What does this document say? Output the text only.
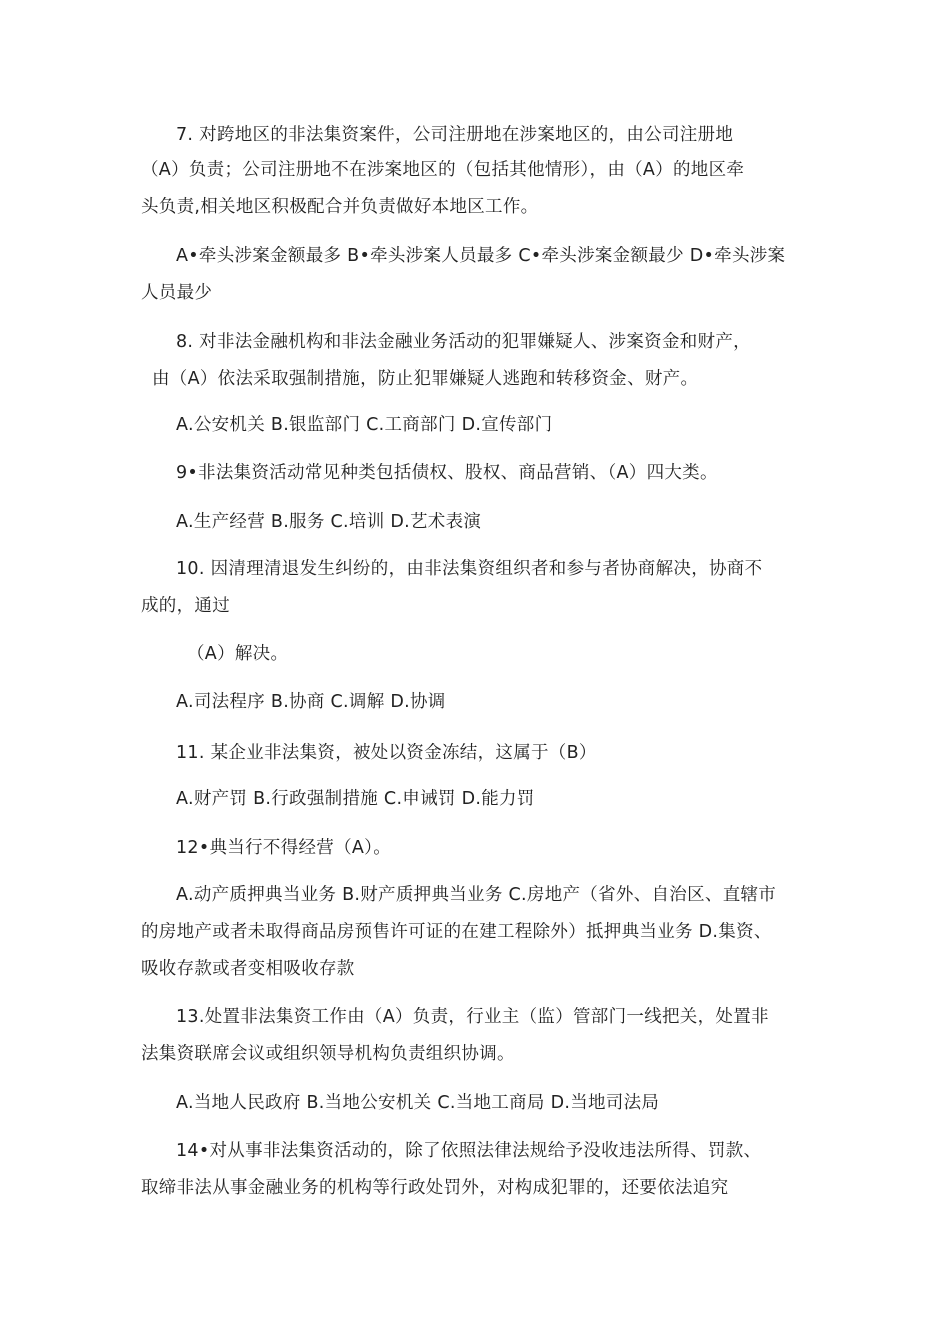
7. 对跨地区的非法集资案件，公司注册地在涉案地区的，由公司注册地
（A）负责；公司注册地不在涉案地区的（包括其他情形），由（A）的地区牵
头负责,相关地区积极配合并负责做好本地区工作。
A•牵头涉案金额最多 B•牵头涉案人员最多 C•牵头涉案金额最少 D•牵头涉案
人员最少
8. 对非法金融机构和非法金融业务活动的犯罪嫌疑人、涉案资金和财产，
由（A）依法采取强制措施，防止犯罪嫌疑人逃跑和转移资金、财产。
A.公安机关 B.银监部门 C.工商部门 D.宣传部门
9•非法集资活动常见种类包括债权、股权、商品营销、（A）四大类。
A.生产经营 B.服务 C.培训 D.艺术表演
10. 因清理清退发生纠纷的，由非法集资组织者和参与者协商解决，协商不
成的，通过
（A）解决。
A.司法程序 B.协商 C.调解 D.协调
11. 某企业非法集资，被处以资金冻结，这属于（B）
A.财产罚 B.行政强制措施 C.申诫罚 D.能力罚
12•典当行不得经营（A）。
A.动产质押典当业务 B.财产质押典当业务 C.房地产（省外、自治区、直辖市
的房地产或者未取得商品房预售许可证的在建工程除外）抵押典当业务 D.集资、
吸收存款或者变相吸收存款
13.处置非法集资工作由（A）负责，行业主（监）管部门一线把关，处置非
法集资联席会议或组织领导机构负责组织协调。
A.当地人民政府 B.当地公安机关 C.当地工商局 D.当地司法局
14•对从事非法集资活动的，除了依照法律法规给予没收违法所得、罚款、
取缔非法从事金融业务的机构等行政处罚外，对构成犯罪的，还要依法追究
